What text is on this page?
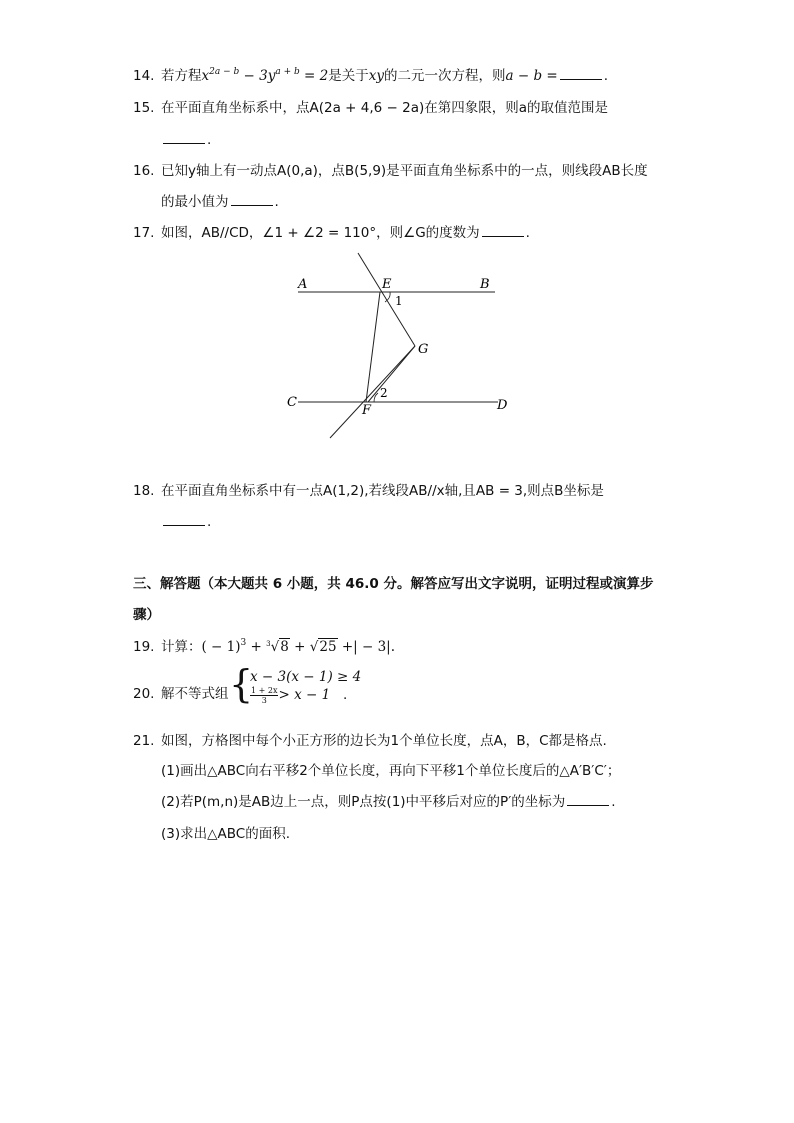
14. 若方程$x^{2a - b} - 3y^{a + b} = 2$是关于xy的二元一次方程，则a − b =	.
15. 在平面直角坐标系中，点A(2a + 4,6 − 2a)在第四象限，则a的取值范围是
.
16. 已知y轴上有一动点A(0,a)，点B(5,9)是平面直角坐标系中的一点，则线段AB长度
的最小值为	.
17. 如图，AB//CD，∠1 + ∠2 = 110°，则∠G的度数为	.
A	B
C	D
E
F
G
1
2
18. 在平面直角坐标系中有一点A(1,2),若线段AB//x轴,且AB = 3,则点B坐标是
.
三、解答题（本大题共 6 小题，共 46.0 分。解答应写出文字说明，证明过程或演算步
骤）
19. 计算：( − 1)$^3$ + $^3$√8 + √25 +| − 3|.
20. 解不等式组 {
x − 3(x − 1) ≥ 4
$\frac{1 + 2x}{3} > x - 1$ .
21. 如图，方格图中每个小正方形的边长为1个单位长度，点A，B，C都是格点.
(1)画出△ABC向右平移2个单位长度，再向下平移1个单位长度后的△A′B′C′；
(2)若P(m,n)是AB边上一点，则P点按(1)中平移后对应的P′的坐标为	.
(3)求出△ABC的面积.
